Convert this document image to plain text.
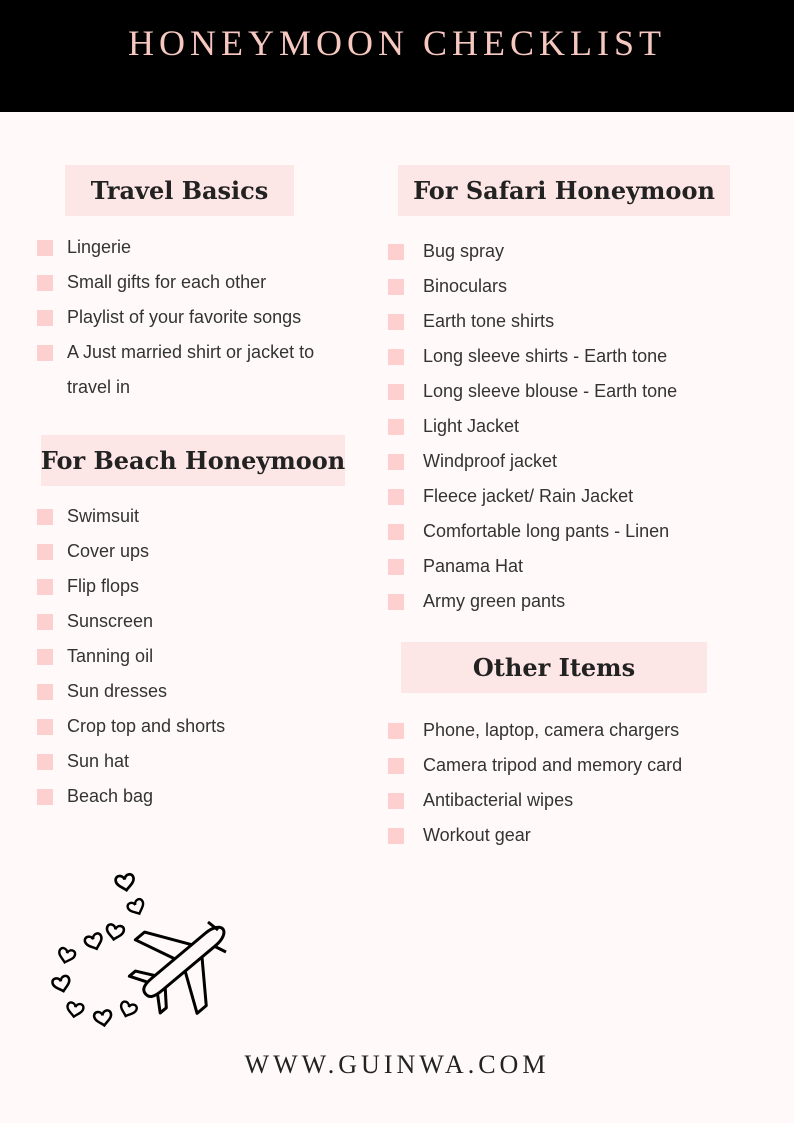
HONEYMOON CHECKLIST
Travel Basics
Lingerie
Small gifts for each other
Playlist of your favorite songs
A Just married shirt or jacket to
travel in
For Beach Honeymoon
Swimsuit
Cover ups
Flip flops
Sunscreen
Tanning oil
Sun dresses
Crop top and shorts
Sun hat
Beach bag
For Safari Honeymoon
Bug spray
Binoculars
Earth tone shirts
Long sleeve shirts - Earth tone
Long sleeve blouse - Earth tone
Light Jacket
Windproof jacket
Fleece jacket/ Rain Jacket
Comfortable long pants - Linen
Panama Hat
Army green pants
Other Items
Phone, laptop, camera chargers
Camera tripod and memory card
Antibacterial wipes
Workout gear
WWW.GUINWA.COM
